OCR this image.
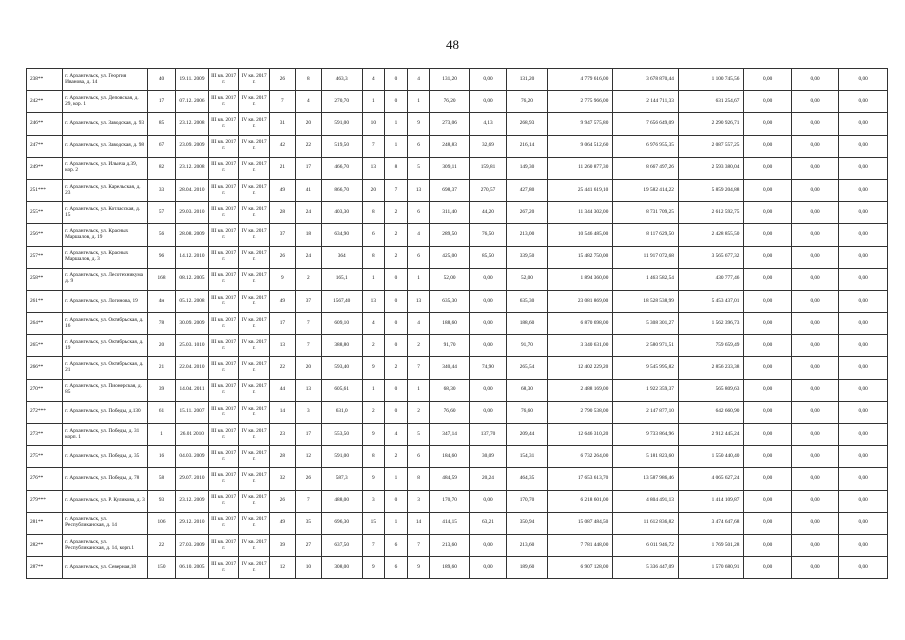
48
238**	г. Архангельск, ул. Георгия Иванова, д. 14	40	19.11. 2009	III кв. 2017 г.	IV кв. 2017 г.	26	8	463,3	4	0	4	131,20	0,00	131,20	4 779 616,00	3 678 870,44	1 100 745,56	0,00	0,00	0,00
242**	г. Архангельск, ул. Деповская, д. 29, кор. 1	17	07.12. 2006	III кв. 2017 г.	IV кв. 2017 г.	7	4	270,70	1	0	1	76,20	0,00	76,20	2 775 966,00	2 144 711,33	631 254,67	0,00	0,00	0,00
246**	г. Архангельск, ул. Заводская, д. 93	85	23.12. 2008	III кв. 2017 г.	IV кв. 2017 г.	31	20	591,00	10	1	9	273,06	4,13	268,93	9 947 575,80	7 656 649,09	2 290 926,71	0,00	0,00	0,00
247**	г. Архангельск, ул. Заводская, д. 98	67	23.09. 2009	III кв. 2017 г.	IV кв. 2017 г.	42	22	519,50	7	1	6	248,83	32,69	216,14	9 064 512,60	6 976 955,35	2 087 557,25	0,00	0,00	0,00
249**	г. Архангельск, ул. Ильича д.39, кор. 2	82	23.12. 2008	III кв. 2017 г.	IV кв. 2017 г.	21	17	466,70	13	8	5	309,11	159,81	149,30	11 260 877,30	8 667 497,26	2 593 380,04	0,00	0,00	0,00
251***	г. Архангельск, ул. Карельская, д. 23	33	28.04. 2010	III кв. 2017 г.	IV кв. 2017 г.	49	41	866,70	20	7	13	698,37	270,57	427,80	25 441 619,10	19 582 414,22	5 859 204,88	0,00	0,00	0,00
255**	г. Архангельск, ул. Котласская, д. 15	57	29.03. 2010	III кв. 2017 г.	IV кв. 2017 г.	28	24	403,30	8	2	6	311,40	44,20	267,20	11 344 302,00	8 731 709,25	2 612 592,75	0,00	0,00	0,00
256**	г. Архангельск, ул. Красных Маршалов, д. 19	56	28.08. 2009	III кв. 2017 г.	IV кв. 2017 г.	37	18	634,90	6	2	4	289,50	76,50	213,00	10 546 485,00	8 117 629,50	2 428 855,50	0,00	0,00	0,00
257**	г. Архангельск, ул. Красных Маршалов, д. 3	96	14.12. 2010	III кв. 2017 г.	IV кв. 2017 г.	26	24	364	8	2	6	425,00	85,50	339,50	15 482 750,00	11 917 072,68	3 565 677,32	0,00	0,00	0,00
258**	г. Архангельск, ул. Лесотехникума д. 9	168	08.12. 2005	III кв. 2017 г.	IV кв. 2017 г.	9	2	165,1	1	0	1	52,00	0,00	52,00	1 894 360,00	1 463 582,54	430 777,46	0,00	0,00	0,00
261**	г. Архангельск, ул. Логинова, 19	4н	05.12. 2008	III кв. 2017 г.	IV кв. 2017 г.	49	37	1567,40	13	0	13	635,30	0,00	635,30	23 081 869,00	18 528 538,99	5 453 437,01	0,00	0,00	0,00
264**	г. Архангельск, ул. Октябрьская, д. 16	78	30.09. 2009	III кв. 2017 г.	IV кв. 2017 г.	17	7	609,10	4	0	4	188,60	0,00	188,60	6 870 698,00	5 308 301,27	1 562 396,73	0,00	0,00	0,00
265**	г. Архангельск, ул. Октябрьская, д. 19	20	25.03. 1010	III кв. 2017 г.	IV кв. 2017 г.	13	7	388,80	2	0	2	91,70	0,00	91,70	3 340 631,00	2 580 971,51	759 659,49	0,00	0,00	0,00
266**	г. Архангельск, ул. Октябрьская, д. 21	21	22.04. 2010	III кв. 2017 г.	IV кв. 2017 г.	22	20	593,40	9	2	7	340,44	74,90	265,54	12 402 229,20	9 545 995,82	2 856 233,38	0,00	0,00	0,00
270**	г. Архангельск, ул. Пионерская, д. 85	39	14.04. 2011	III кв. 2017 г.	IV кв. 2017 г.	44	13	605,61	1	0	1	68,30	0,00	68,30	2 488 169,00	1 922 359,37	565 809,63	0,00	0,00	0,00
272***	г. Архангельск, ул. Победы, д.130	61	15.11. 2007	III кв. 2017 г.	IV кв. 2017 г.	14	3	631,0	2	0	2	76,60	0,00	76,60	2 790 538,00	2 147 877,10	642 660,90	0,00	0,00	0,00
273**	г. Архангельск, ул. Победы, д. 31 корп. 1	1	26.01 2010	III кв. 2017 г.	IV кв. 2017 г.	23	17	553,50	9	4	5	347,14	137,70	209,44	12 646 310,20	9 733 864,96	2 912 445,24	0,00	0,00	0,00
275**	г. Архангельск, ул. Победы, д. 35	16	04.03. 2009	III кв. 2017 г.	IV кв. 2017 г.	28	12	591,00	8	2	6	184,60	30,09	154,31	6 732 264,00	5 181 823,60	1 550 440,40	0,00	0,00	0,00
276**	г. Архангельск, ул. Победы, д. 78	58	29.07. 2010	III кв. 2017 г.	IV кв. 2017 г.	32	26	587,3	9	1	8	484,59	20,24	464,35	17 653 613,70	13 587 986,46	4 065 627,24	0,00	0,00	0,00
279***	г. Архангельск, ул. Р. Куликова, д. 3	93	23.12. 2009	III кв. 2017 г.	IV кв. 2017 г.	26	7	488,00	3	0	3	170,70	0,00	170,70	6 218 601,00	4 804 491,13	1 414 109,87	0,00	0,00	0,00
281**	г. Архангельск, ул. Республиканская, д. 14	106	29.12. 2010	III кв. 2017 г.	IV кв. 2017 г.	49	35	696,30	15	1	14	414,15	63,21	350,94	15 087 484,50	11 612 836,82	3 474 647,68	0,00	0,00	0,00
282**	г. Архангельск, ул. Республиканская, д. 14, корп.1	22	27.03. 2009	III кв. 2017 г.	IV кв. 2017 г.	39	27	637,50	7	6	7	213,60	0,00	213,60	7 781 448,00	6 011 946,72	1 769 501,28	0,00	0,00	0,00
287**	г. Архангельск, ул. Северная,18	150	06.10. 2005	III кв. 2017 г.	IV кв. 2017 г.	12	10	308,00	9	6	9	189,60	0,00	189,60	6 907 128,00	5 336 447,09	1 570 680,91	0,00	0,00	0,00
